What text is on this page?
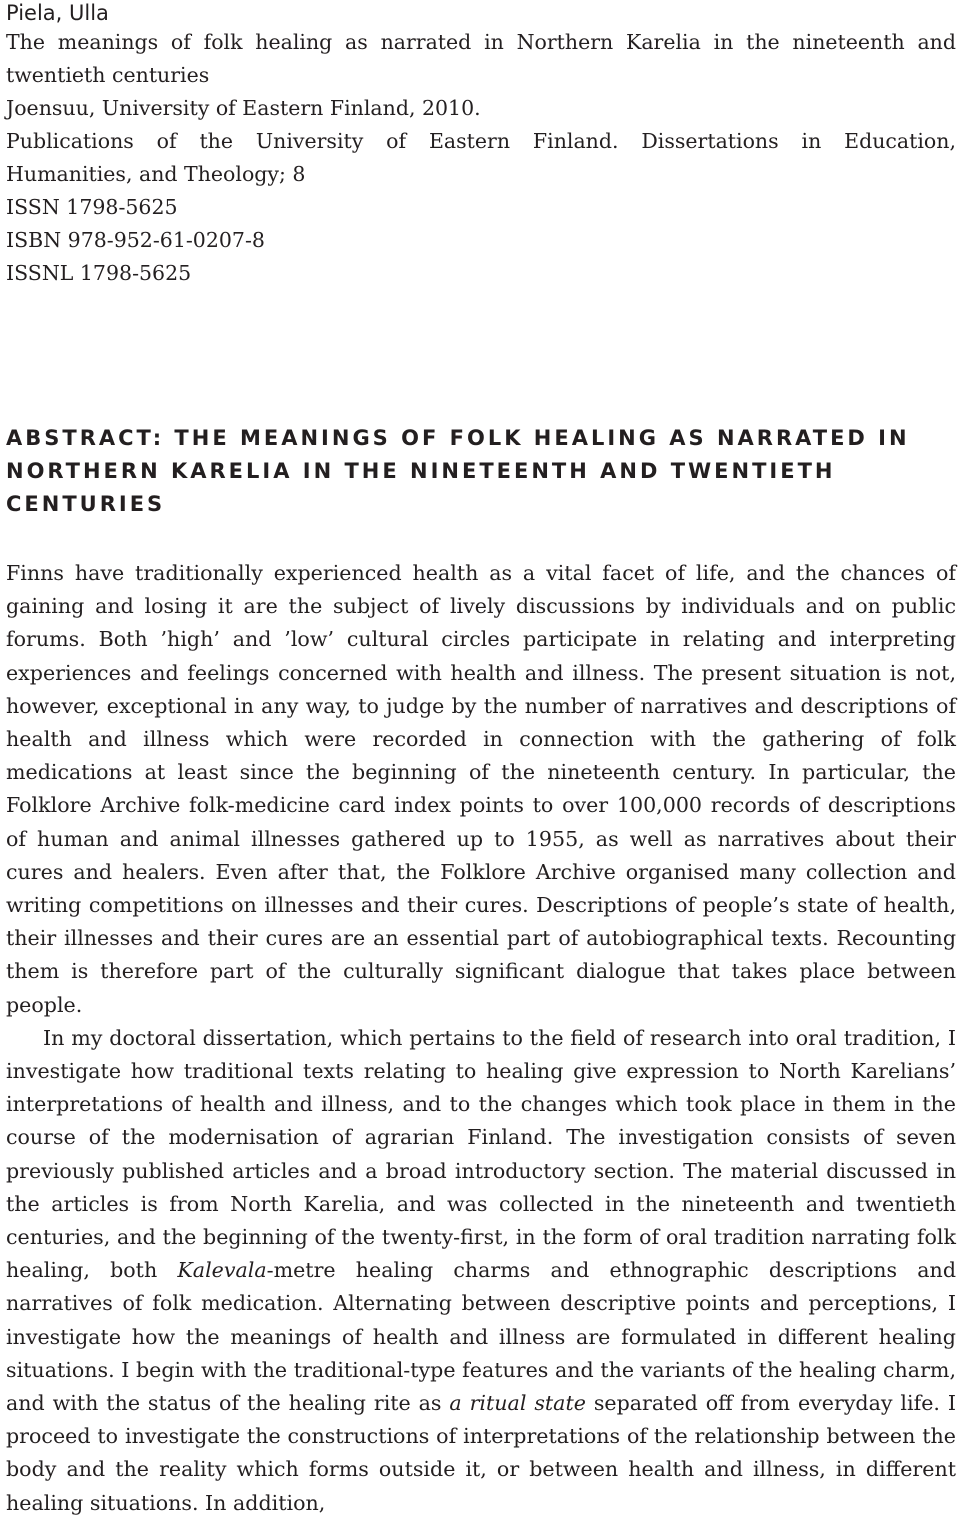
Piela, Ulla
The meanings of folk healing as narrated in Northern Karelia in the nineteenth and
twentieth centuries
Joensuu, University of Eastern Finland, 2010.
Publications of the University of Eastern Finland. Dissertations in Education,
Humanities, and Theology; 8
ISSN 1798-5625
ISBN 978-952-61-0207-8
ISSNL 1798-5625
ABSTRACT: THE MEANINGS OF FOLK HEALING AS NARRATED IN NORTHERN KARELIA IN THE NINETEENTH AND TWENTIETH CENTURIES

Finns have traditionally experienced health as a vital facet of life, and the chances of gaining and losing it are the subject of lively discussions by individuals and on public forums. Both ’high’ and ’low’ cultural circles participate in relating and interpreting experiences and feelings concerned with health and illness. The present situation is not, however, exceptional in any way, to judge by the number of narratives and descriptions of health and illness which were recorded in connection with the gathering of folk medications at least since the beginning of the nineteenth century. In particular, the Folklore Archive folk-medicine card index points to over 100,000 records of descriptions of human and animal illnesses gathered up to 1955, as well as narratives about their cures and healers. Even after that, the Folklore Archive organised many collection and writing competitions on illnesses and their cures. Descriptions of people’s state of health, their illnesses and their cures are an essential part of autobiographical texts. Recounting them is therefore part of the culturally significant dialogue that takes place between people.

In my doctoral dissertation, which pertains to the field of research into oral tradition, I investigate how traditional texts relating to healing give expression to North Karelians’ interpretations of health and illness, and to the changes which took place in them in the course of the modernisation of agrarian Finland. The investigation consists of seven previously published articles and a broad introductory section. The material discussed in the articles is from North Karelia, and was collected in the nineteenth and twentieth centuries, and the beginning of the twenty-first, in the form of oral tradition narrating folk healing, both Kalevala-metre healing charms and ethnographic descriptions and narratives of folk medication. Alternating between descriptive points and perceptions, I investigate how the meanings of health and illness are formulated in different healing situations. I begin with the traditional-type features and the variants of the healing charm, and with the status of the healing rite as a ritual state separated off from everyday life. I proceed to investigate the constructions of interpretations of the relationship between the body and the reality which forms outside it, or between health and illness, in different healing situations. In addition,
